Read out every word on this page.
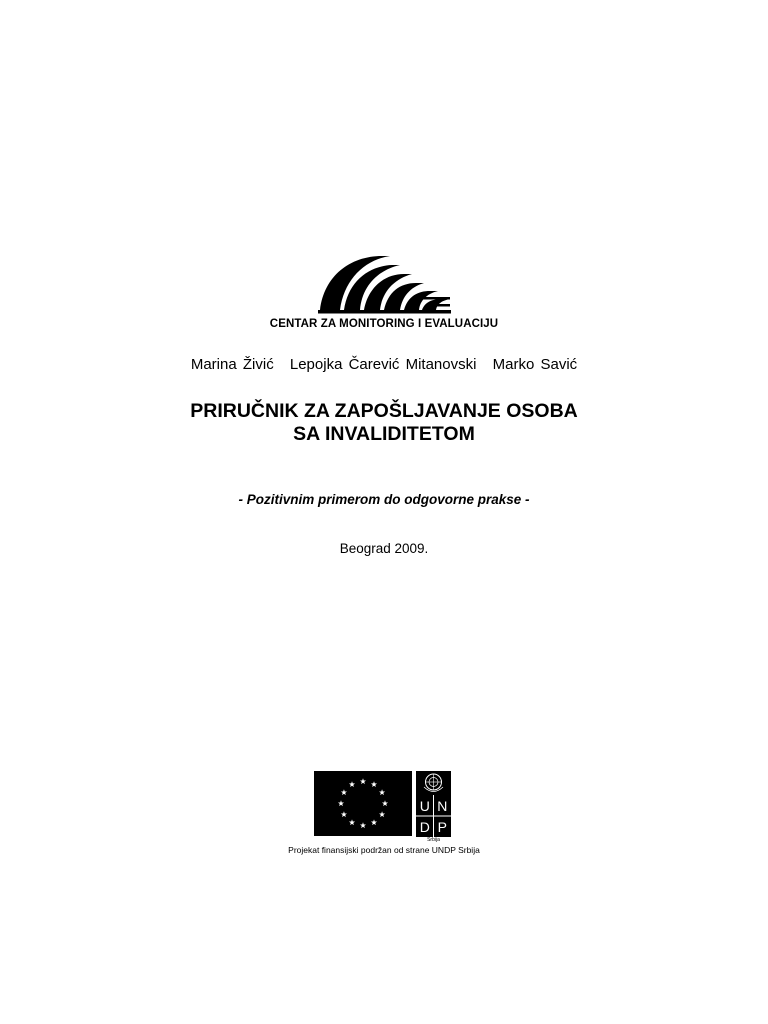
CENTAR ZA MONITORING I EVALUACIJU
Marina Živić Lepojka Čarević Mitanovski Marko Savić
PRIRUČNIK ZA ZAPOŠLJAVANJE OSOBA
SA INVALIDITETOM
- Pozitivnim primerom do odgovorne prakse -
Beograd 2009.
U N
D P
Srbija
Projekat finansijski podržan od strane UNDP Srbija
